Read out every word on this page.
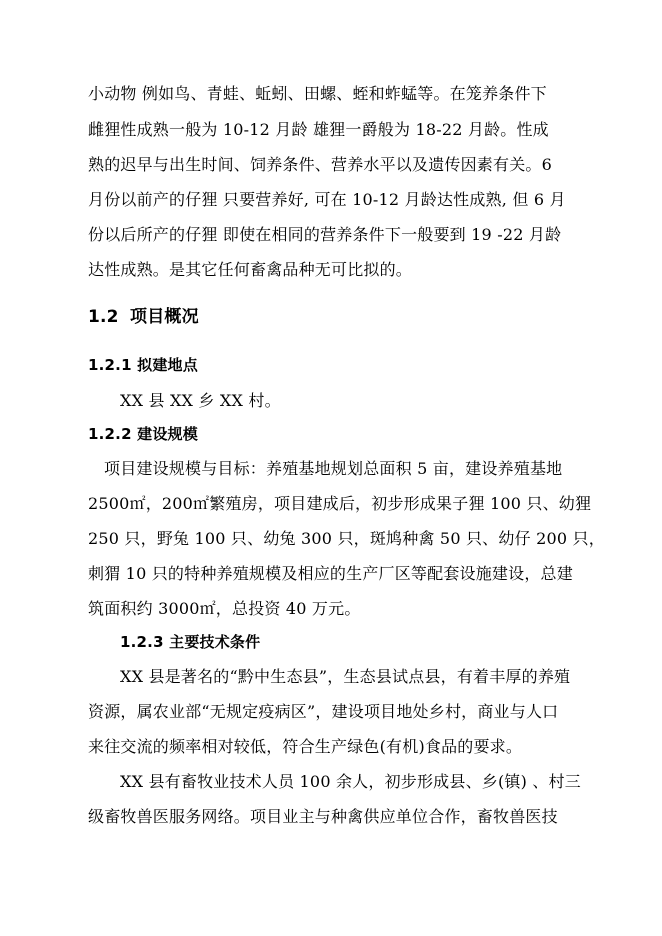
小动物 例如鸟、青蛙、蚯蚓、田螺、蛭和蚱蜢等。在笼养条件下
雌狸性成熟一般为 10-12 月龄 雄狸一爵般为 18-22 月龄。性成
熟的迟早与出生时间、饲养条件、营养水平以及遗传因素有关。6
月份以前产的仔狸 只要营养好, 可在 10-12 月龄达性成熟, 但 6 月
份以后所产的仔狸 即使在相同的营养条件下一般要到 19 -22 月龄
达性成熟。是其它任何畜禽品种无可比拟的。
1.2 项目概况
1.2.1 拟建地点
XX 县 XX 乡 XX 村。
1.2.2 建设规模
项目建设规模与目标：养殖基地规划总面积 5 亩，建设养殖基地
2500㎡，200㎡繁殖房，项目建成后，初步形成果子狸 100 只、幼狸
250 只，野兔 100 只、幼兔 300 只，斑鸠种禽 50 只、幼仔 200 只，
刺猬 10 只的特种养殖规模及相应的生产厂区等配套设施建设，总建
筑面积约 3000㎡，总投资 40 万元。
1.2.3 主要技术条件
XX 县是著名的“黔中生态县”，生态县试点县，有着丰厚的养殖
资源，属农业部“无规定疫病区”，建设项目地处乡村，商业与人口
来往交流的频率相对较低，符合生产绿色(有机)食品的要求。
XX 县有畜牧业技术人员 100 余人，初步形成县、乡(镇) 、村三
级畜牧兽医服务网络。项目业主与种禽供应单位合作，畜牧兽医技
